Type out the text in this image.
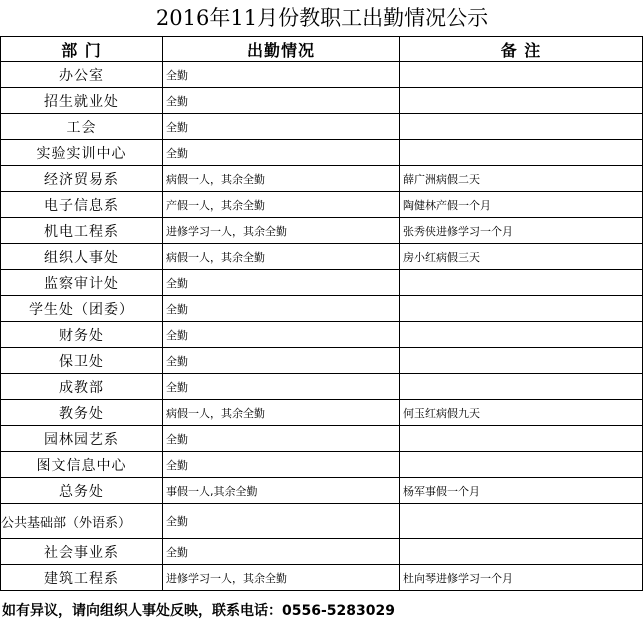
2016年11月份教职工出勤情况公示
部 门	出勤情况	备 注
办公室	全勤	
招生就业处	全勤	
工会	全勤	
实验实训中心	全勤	
经济贸易系	病假一人，其余全勤	薛广洲病假二天
电子信息系	产假一人，其余全勤	陶健林产假一个月
机电工程系	进修学习一人，其余全勤	张秀侠进修学习一个月
组织人事处	病假一人，其余全勤	房小红病假三天
监察审计处	全勤	
学生处（团委）	全勤	
财务处	全勤	
保卫处	全勤	
成教部	全勤	
教务处	病假一人，其余全勤	何玉红病假九天
园林园艺系	全勤	
图文信息中心	全勤	
总务处	事假一人,其余全勤	杨军事假一个月
公共基础部（外语系）	全勤	
社会事业系	全勤	
建筑工程系	进修学习一人，其余全勤	杜向琴进修学习一个月
如有异议，请向组织人事处反映，联系电话：0556-5283029
